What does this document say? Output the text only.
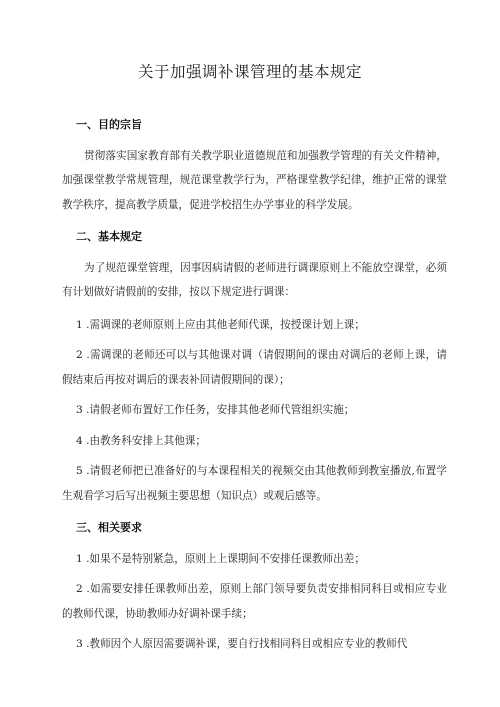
关于加强调补课管理的基本规定
一、目的宗旨

贯彻落实国家教育部有关教学职业道德规范和加强教学管理的有关文件精神，加强课堂教学常规管理，规范课堂教学行为，严格课堂教学纪律，维护正常的课堂教学秩序，提高教学质量，促进学校招生办学事业的科学发展。

二、基本规定

为了规范课堂管理，因事因病请假的老师进行调课原则上不能放空课堂，必须有计划做好请假前的安排，按以下规定进行调课：

1 .需调课的老师原则上应由其他老师代课，按授课计划上课；

2 .需调课的老师还可以与其他课对调（请假期间的课由对调后的老师上课，请假结束后再按对调后的课表补回请假期间的课）；

3 .请假老师布置好工作任务，安排其他老师代管组织实施；

4 .由教务科安排上其他课；

5 .请假老师把已准备好的与本课程相关的视频交由其他教师到教室播放,布置学生观看学习后写出视频主要思想（知识点）或观后感等。

三、相关要求

1 .如果不是特别紧急，原则上上课期间不安排任课教师出差；

2 .如需要安排任课教师出差，原则上部门领导要负责安排相同科目或相应专业的教师代课，协助教师办好调补课手续；

3 .教师因个人原因需要调补课，要自行找相同科目或相应专业的教师代
